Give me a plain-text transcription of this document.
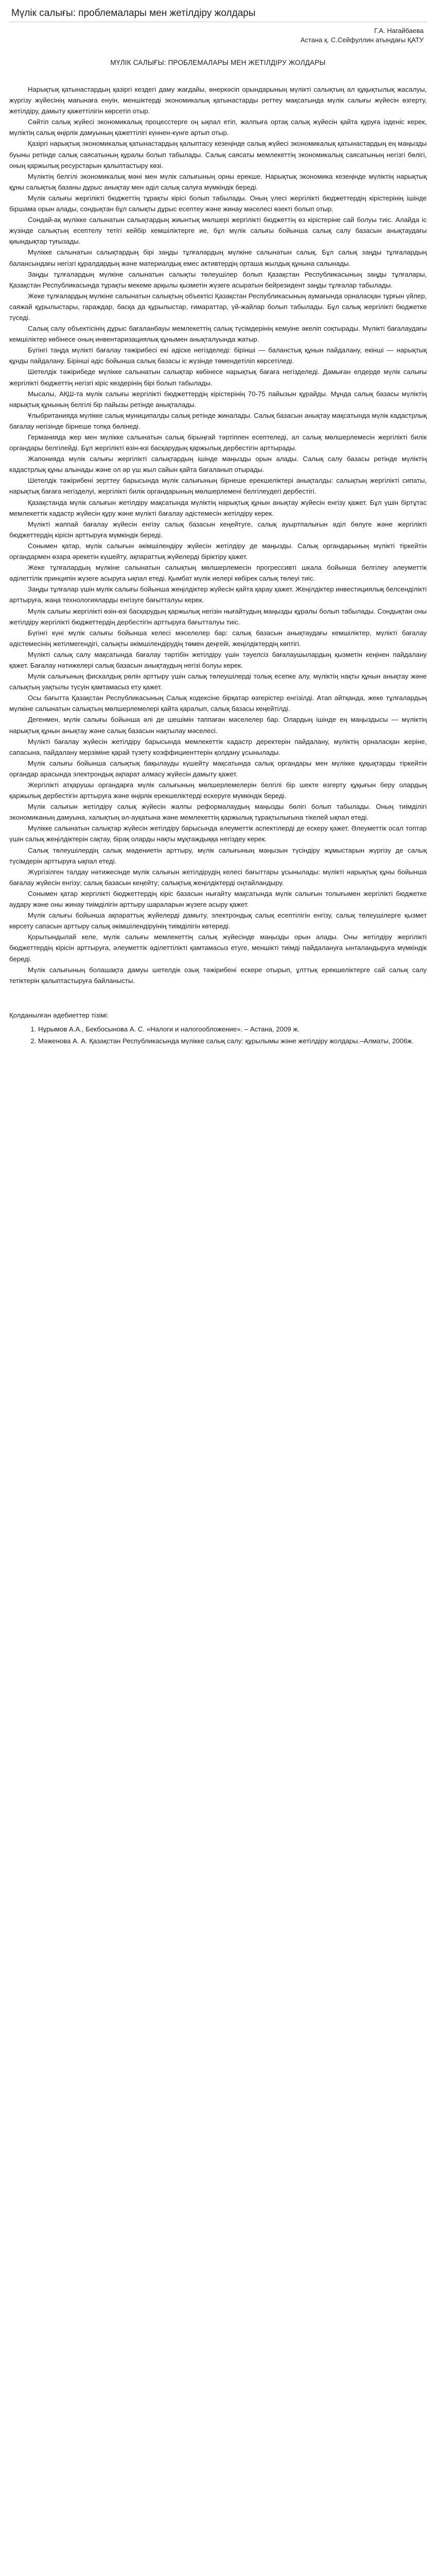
Мүлік салығы: проблемалары мен жетілдіру жолдары
Г.А. Нагайбаева
Астана қ. С.Сейфуллин атындағы ҚАТУ
МҮЛІК САЛЫҒЫ: ПРОБЛЕМАЛАРЫ МЕН ЖЕТІЛДІРУ ЖОЛДАРЫ

Нарықтық қатынастардың қазіргі кездегі даму жағдайы, өнеркәсіп орындарының мүлікті салықтың ал құқықтылық жасалуы, жүргізу жүйесінің мағынаға енуін, меншіктерді экономикалық қатынастарды реттеу мақсатында мүлік салығы жүйесін өзгерту, жетілдіру, дамыту қажеттілігін көрсетіп отыр.

Сөйтіп салық жүйесі экономикалық процесстерге оң ықпал етіп, жалпыға ортақ салық жүйесін қайта құруға ізденіс керек, мүліктің салық өңірлік дамуының қажеттілігі күннен-күнге артып отыр.

Қазіргі нарықтық экономикалық қатынастардың қалыптасу кезеңінде салық жүйесі экономикалық қатынастардың ең маңызды буыны ретінде салық саясатының құралы болып табылады. Салық саясаты мемлекеттің экономикалық саясатының негізгі бөлігі, оның қаржылық ресурстарын қалыптастыру көзі.

Мүліктің белгілі экономикалық мәні мен мүлік салығының орны ерекше. Нарықтық экономика кезеңінде мүліктің нарықтық құны салықтық базаны дұрыс анықтау мен әділ салық салуға мүмкіндік береді.

Мүлік салығы жергілікті бюджеттің тұрақты кірісі болып табылады. Оның үлесі жергілікті бюджеттердің кірістерінің ішінде біршама орын алады, сондықтан бұл салықты дұрыс есептеу және жинау мәселесі өзекті болып отыр.

Сондай-ақ мүлікке салынатын салықтардың жиынтық мөлшері жергілікті бюджеттің өз кірістеріне сай болуы тиіс. Алайда іс жүзінде салықтың есептелу тетігі кейбір кемшіліктерге ие, бұл мүлік салығы бойынша салық салу базасын анықтаудағы қиындықтар туғызады.

Мүлікке салынатын салықтардың бірі заңды тұлғалардың мүлкіне салынатын салық. Бұл салық заңды тұлғалардың балансындағы негізгі құралдардың және материалдық емес активтердің орташа жылдық құнына салынады.

Заңды тұлғалардың мүлкіне салынатын салықты төлеушілер болып Қазақстан Республикасының заңды тұлғалары, Қазақстан Республикасында тұрақты мекеме арқылы қызметін жүзеге асыратын бейрезидент заңды тұлғалар табылады.

Жеке тұлғалардың мүлкіне салынатын салықтың объектісі Қазақстан Республикасының аумағында орналасқан тұрғын үйлер, саяжай құрылыстары, гараждар, басқа да құрылыстар, ғимараттар, үй-жайлар болып табылады. Бұл салық жергілікті бюджетке түседі.

Салық салу объектісінің дұрыс бағаланбауы мемлекеттің салық түсімдерінің кемуіне әкеліп соқтырады. Мүлікті бағалаудағы кемшіліктер көбінесе оның инвентаризациялық құнымен анықталуында жатыр.

Бүгінгі таңда мүлікті бағалау тәжірибесі екі әдіске негізделеді: бірінші — баланстық құнын пайдалану, екінші — нарықтық құнды пайдалану. Бірінші әдіс бойынша салық базасы іс жүзінде төмендетіліп көрсетіледі.

Шетелдік тәжірибеде мүлікке салынатын салықтар көбінесе нарықтық бағаға негізделеді. Дамыған елдерде мүлік салығы жергілікті бюджеттің негізгі кіріс көздерінің бірі болып табылады.

Мысалы, АҚШ-та мүлік салығы жергілікті бюджеттердің кірістерінің 70-75 пайызын құрайды. Мұнда салық базасы мүліктің нарықтық құнының белгілі бір пайызы ретінде анықталады.

Ұлыбританияда мүлікке салық муниципалды салық ретінде жиналады. Салық базасын анықтау мақсатында мүлік кадастрлық бағалау негізінде бірнеше топқа бөлінеді.

Германияда жер мен мүлікке салынатын салық бірыңғай тәртіппен есептеледі, ал салық мөлшерлемесін жергілікті билік органдары белгілейді. Бұл жергілікті өзін-өзі басқарудың қаржылық дербестігін арттырады.

Жапонияда мүлік салығы жергілікті салықтардың ішінде маңызды орын алады. Салық салу базасы ретінде мүліктің кадастрлық құны алынады және ол әр үш жыл сайын қайта бағаланып отырады.

Шетелдік тәжірибені зерттеу барысында мүлік салығының бірнеше ерекшеліктері анықталды: салықтың жергілікті сипаты, нарықтық бағаға негізделуі, жергілікті билік органдарының мөлшерлемені белгілеудегі дербестігі.

Қазақстанда мүлік салығын жетілдіру мақсатында мүліктің нарықтық құнын анықтау жүйесін енгізу қажет. Бұл үшін біртұтас мемлекеттік кадастр жүйесін құру және мүлікті бағалау әдістемесін жетілдіру керек.

Мүлікті жаппай бағалау жүйесін енгізу салық базасын кеңейтуге, салық ауыртпалығын әділ бөлуге және жергілікті бюджеттердің кірісін арттыруға мүмкіндік береді.

Сонымен қатар, мүлік салығын әкімшілендіру жүйесін жетілдіру де маңызды. Салық органдарының мүлікті тіркейтін органдармен өзара әрекетін күшейту, ақпараттық жүйелерді біріктіру қажет.

Жеке тұлғалардың мүлкіне салынатын салықтың мөлшерлемесін прогрессивті шкала бойынша белгілеу әлеуметтік әділеттілік принципін жүзеге асыруға ықпал етеді. Қымбат мүлік иелері көбірек салық төлеуі тиіс.

Заңды тұлғалар үшін мүлік салығы бойынша жеңілдіктер жүйесін қайта қарау қажет. Жеңілдіктер инвестициялық белсенділікті арттыруға, жаңа технологияларды енгізуге бағытталуы керек.

Мүлік салығы жергілікті өзін-өзі басқарудың қаржылық негізін нығайтудың маңызды құралы болып табылады. Сондықтан оны жетілдіру жергілікті бюджеттердің дербестігін арттыруға бағытталуы тиіс.

Бүгінгі күні мүлік салығы бойынша келесі мәселелер бар: салық базасын анықтаудағы кемшіліктер, мүлікті бағалау әдістемесінің жетілмегендігі, салықты әкімшілендірудің төмен деңгейі, жеңілдіктердің көптігі.

Мүлікті салық салу мақсатында бағалау тәртібін жетілдіру үшін тәуелсіз бағалаушылардың қызметін кеңінен пайдалану қажет. Бағалау нәтижелері салық базасын анықтаудың негізі болуы керек.

Мүлік салығының фискалдық рөлін арттыру үшін салық төлеушілерді толық есепке алу, мүліктің нақты құнын анықтау және салықтың уақтылы түсуін қамтамасыз ету қажет.

Осы бағытта Қазақстан Республикасының Салық кодексіне бірқатар өзгерістер енгізілді. Атап айтқанда, жеке тұлғалардың мүлкіне салынатын салықтың мөлшерлемелері қайта қаралып, салық базасы кеңейтілді.

Дегенмен, мүлік салығы бойынша әлі де шешімін таппаған мәселелер бар. Олардың ішінде ең маңыздысы — мүліктің нарықтық құнын анықтау және салық базасын нақтылау мәселесі.

Мүлікті бағалау жүйесін жетілдіру барысында мемлекеттік кадастр деректерін пайдалану, мүліктің орналасқан жеріне, сапасына, пайдалану мерзіміне қарай түзету коэффициенттерін қолдану ұсынылады.

Мүлік салығы бойынша салықтық бақылауды күшейту мақсатында салық органдары мен мүлікке құқықтарды тіркейтін органдар арасында электрондық ақпарат алмасу жүйесін дамыту қажет.

Жергілікті атқарушы органдарға мүлік салығының мөлшерлемелерін белгілі бір шекте өзгерту құқығын беру олардың қаржылық дербестігін арттыруға және өңірлік ерекшеліктерді ескеруге мүмкіндік береді.

Мүлік салығын жетілдіру салық жүйесін жалпы реформалаудың маңызды бөлігі болып табылады. Оның тиімділігі экономиканың дамуына, халықтың әл-ауқатына және мемлекеттің қаржылық тұрақтылығына тікелей ықпал етеді.

Мүлікке салынатын салықтар жүйесін жетілдіру барысында әлеуметтік аспектілерді де ескеру қажет. Әлеуметтік осал топтар үшін салық жеңілдіктерін сақтау, бірақ оларды нақты мұқтаждыққа негіздеу керек.

Салық төлеушілердің салық мәдениетін арттыру, мүлік салығының маңызын түсіндіру жұмыстарын жүргізу де салық түсімдерін арттыруға ықпал етеді.

Жүргізілген талдау нәтижесінде мүлік салығын жетілдірудің келесі бағыттары ұсынылады: мүлікті нарықтық құны бойынша бағалау жүйесін енгізу; салық базасын кеңейту; салықтық жеңілдіктерді оңтайландыру.

Сонымен қатар жергілікті бюджеттердің кіріс базасын нығайту мақсатында мүлік салығын толығымен жергілікті бюджетке аудару және оны жинау тиімділігін арттыру шараларын жүзеге асыру қажет.

Мүлік салығы бойынша ақпараттық жүйелерді дамыту, электрондық салық есептілігін енгізу, салық төлеушілерге қызмет көрсету сапасын арттыру салық әкімшілендіруінің тиімділігін көтереді.

Қорытындылай келе, мүлік салығы мемлекеттің салық жүйесінде маңызды орын алады. Оны жетілдіру жергілікті бюджеттердің кірісін арттыруға, әлеуметтік әділеттілікті қамтамасыз етуге, меншікті тиімді пайдалануға ынталандыруға мүмкіндік береді.

Мүлік салығының болашақта дамуы шетелдік озық тәжірибені ескере отырып, ұлттық ерекшеліктерге сай салық салу тетіктерін қалыптастыруға байланысты.

Қолданылған әдебиеттер тізімі:

1. Нұрымов А.А., Бекбосынова А. С. «Налоги и налогообложение». – Астана, 2009 ж.
2. Мәженова А. А. Қазақстан Республикасында мүлікке салық салу: құрылымы және жетілдіру жолдары.–Алматы, 2006ж.
